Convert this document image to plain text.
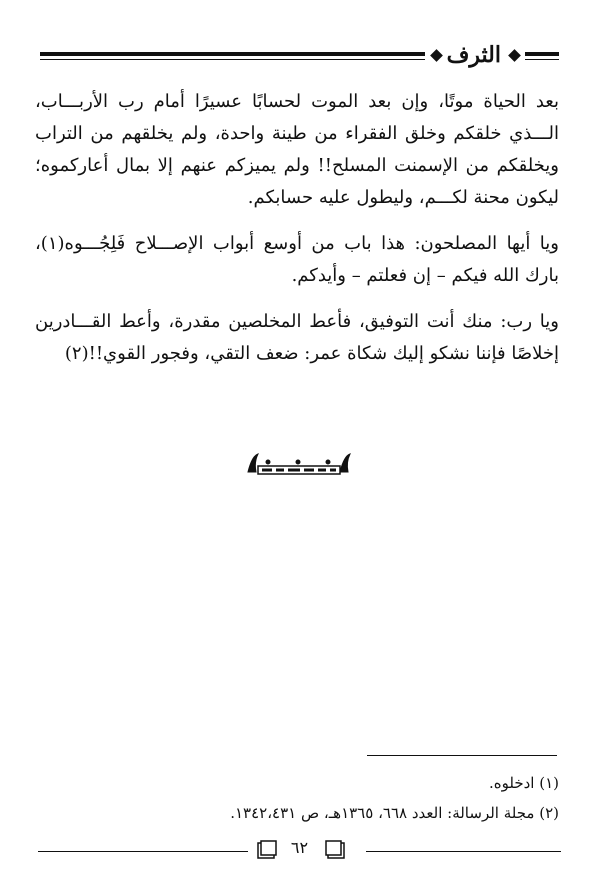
الثرف

بعد الحياة موتًا، وإن بعد الموت لحسابًا عسيرًا أمام رب الأربـــاب، الـــذي خلقكم وخلق الفقراء من طينة واحدة، ولم يخلقهم من التراب ويخلقكم من الإسمنت المسلح!! ولم يميزكم عنهم إلا بمال أعاركموه؛ ليكون محنة لكـــم، وليطول عليه حسابكم.

ويا أيها المصلحون: هذا باب من أوسع أبواب الإصـــلاح فَلِجُـــوه(١)، بارك الله فيكم – إن فعلتم – وأيدكم.

ويا رب: منك أنت التوفيق، فأعط المخلصين مقدرة، وأعط القـــادرين إخلاصًا فإننا نشكو إليك شكاة عمر: ضعف التقي، وفجور القوي!!(٢)

(١) ادخلوه.
(٢) مجلة الرسالة: العدد ٦٦٨، ١٣٦٥هـ، ص ١٣٤٢،٤٣١.
٦٢
